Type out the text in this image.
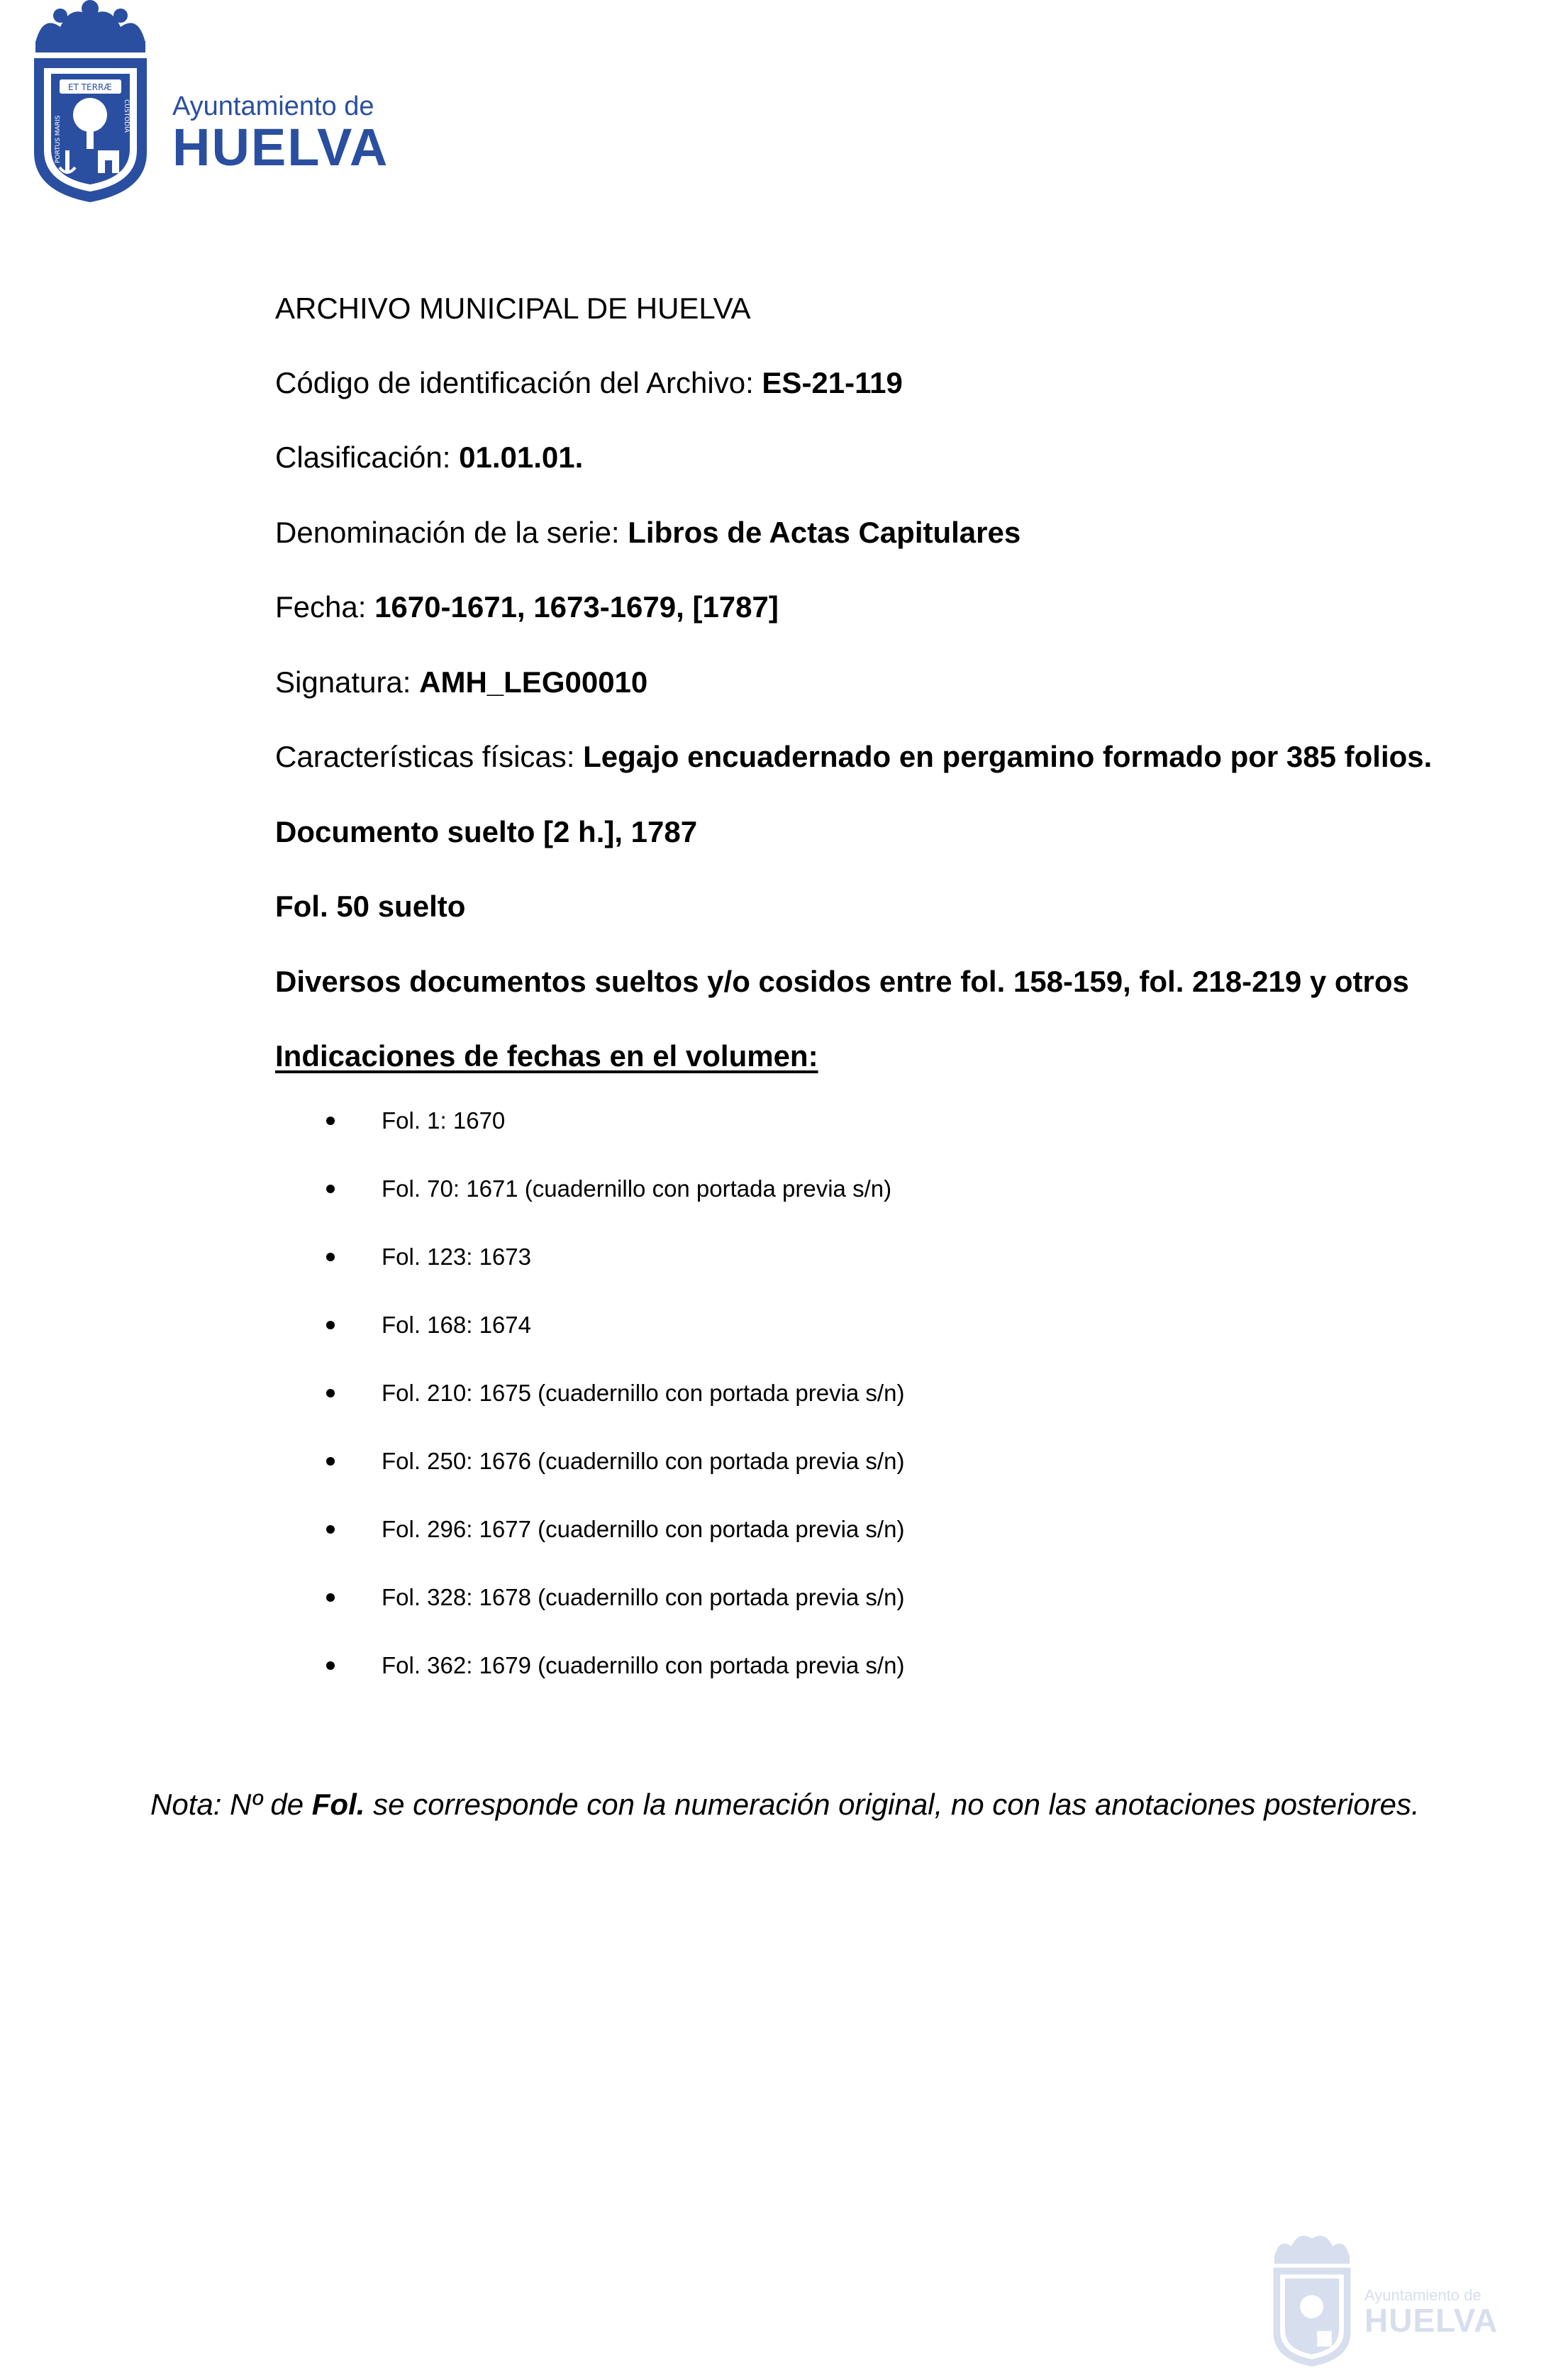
ET TERRÆ
PORTUS MARIS	CUSTODIA Ayuntamiento de
HUELVA
ARCHIVO MUNICIPAL DE HUELVA
Código de identificación del Archivo: ES-21-119
Clasificación: 01.01.01.
Denominación de la serie: Libros de Actas Capitulares
Fecha: 1670-1671, 1673-1679, [1787]
Signatura: AMH_LEG00010
Características físicas: Legajo encuadernado en pergamino formado por 385 folios.
Documento suelto [2 h.], 1787
Fol. 50 suelto
Diversos documentos sueltos y/o cosidos entre fol. 158-159, fol. 218-219 y otros
Indicaciones de fechas en el volumen:
Fol. 1: 1670
Fol. 70: 1671 (cuadernillo con portada previa s/n)
Fol. 123: 1673
Fol. 168: 1674
Fol. 210: 1675 (cuadernillo con portada previa s/n)
Fol. 250: 1676 (cuadernillo con portada previa s/n)
Fol. 296: 1677 (cuadernillo con portada previa s/n)
Fol. 328: 1678 (cuadernillo con portada previa s/n)
Fol. 362: 1679 (cuadernillo con portada previa s/n)
Nota: Nº de Fol. se corresponde con la numeración original, no con las anotaciones posteriores.
Ayuntamiento de
HUELVA
